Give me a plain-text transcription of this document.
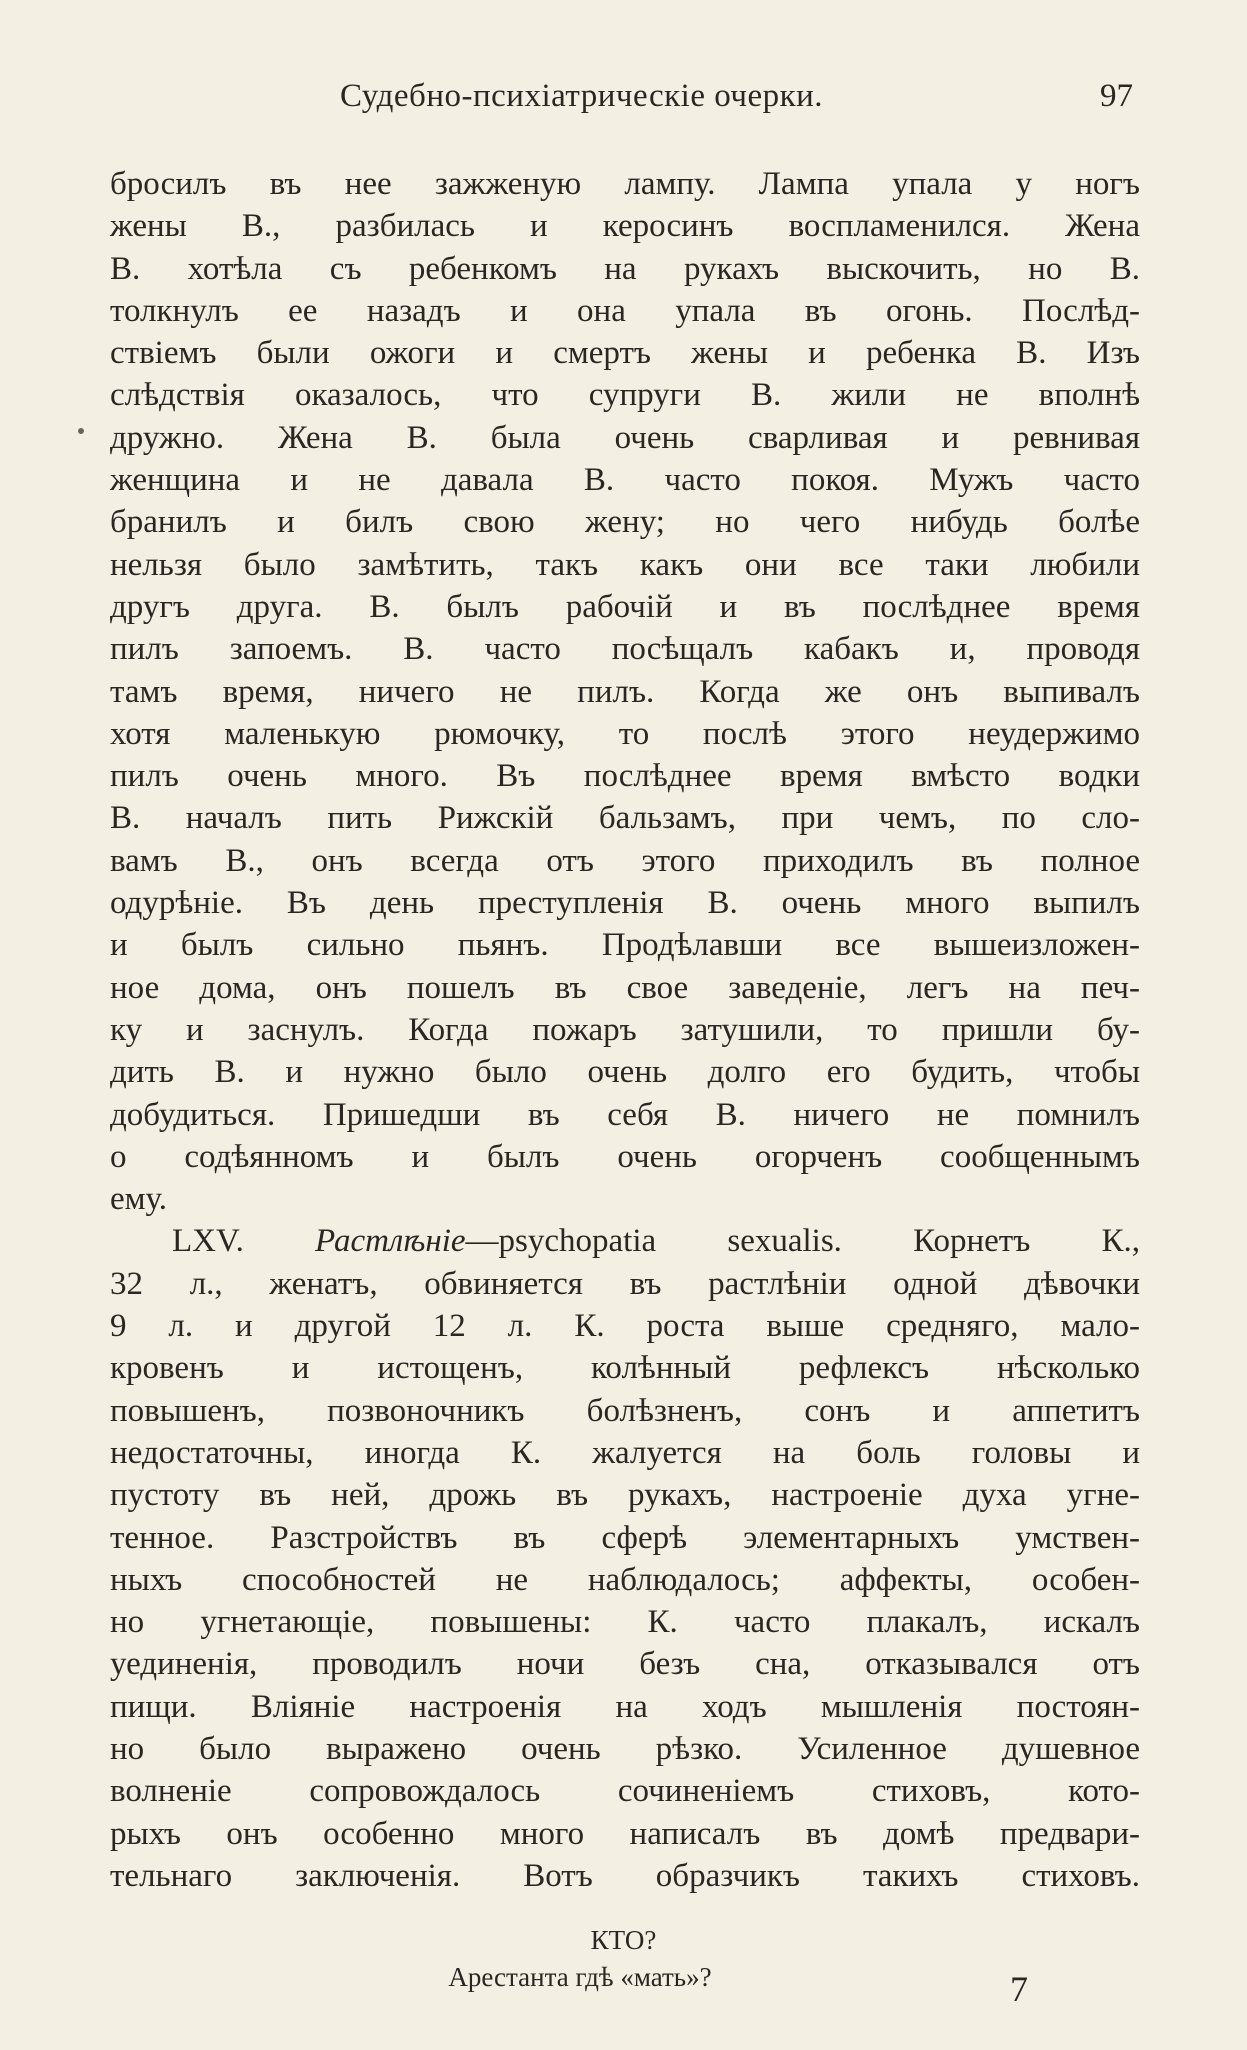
Судебно-психіатрическіе очерки.	97
бросилъ въ нее зажженую лампу. Лампа упала у ногъ
жены В., разбилась и керосинъ воспламенился. Жена
В. хотѣла съ ребенкомъ на рукахъ выскочить, но В.
толкнулъ ее назадъ и она упала въ огонь. Послѣд-
ствіемъ были ожоги и смертъ жены и ребенка В. Изъ
слѣдствія оказалось, что супруги В. жили не вполнѣ
дружно. Жена В. была очень сварливая и ревнивая
женщина и не давала В. часто покоя. Мужъ часто
бранилъ и билъ свою жену; но чего нибудь болѣе
нельзя было замѣтить, такъ какъ они все таки любили
другъ друга. В. былъ рабочій и въ послѣднее время
пилъ запоемъ. В. часто посѣщалъ кабакъ и, проводя
тамъ время, ничего не пилъ. Когда же онъ выпивалъ
хотя маленькую рюмочку, то послѣ этого неудержимо
пилъ очень много. Въ послѣднее время вмѣсто водки
В. началъ пить Рижскій бальзамъ, при чемъ, по сло-
вамъ В., онъ всегда отъ этого приходилъ въ полное
одурѣніе. Въ день преступленія В. очень много выпилъ
и былъ сильно пьянъ. Продѣлавши все вышеизложен-
ное дома, онъ пошелъ въ свое заведеніе, легъ на печ-
ку и заснулъ. Когда пожаръ затушили, то пришли бу-
дить В. и нужно было очень долго его будить, чтобы
добудиться. Пришедши въ себя В. ничего не помнилъ
о содѣянномъ и былъ очень огорченъ сообщеннымъ
ему.
LXV. Растлѣніе—psychopatia sexualis. Корнетъ К.,
32 л., женатъ, обвиняется въ растлѣніи одной дѣвочки
9 л. и другой 12 л. К. роста выше средняго, мало-
кровенъ и истощенъ, колѣнный рефлексъ нѣсколько
повышенъ, позвоночникъ болѣзненъ, сонъ и аппетитъ
недостаточны, иногда К. жалуется на боль головы и
пустоту въ ней, дрожь въ рукахъ, настроеніе духа угне-
тенное. Разстройствъ въ сферѣ элементарныхъ умствен-
ныхъ способностей не наблюдалось; аффекты, особен-
но угнетающіе, повышены: К. часто плакалъ, искалъ
уединенія, проводилъ ночи безъ сна, отказывался отъ
пищи. Вліяніе настроенія на ходъ мышленія постоян-
но было выражено очень рѣзко. Усиленное душевное
волненіе сопровождалось сочиненіемъ стиховъ, кото-
рыхъ онъ особенно много написалъ въ домѣ предвари-
тельнаго заключенія. Вотъ образчикъ такихъ стиховъ.
КТО?
Арестанта гдѣ «мать»?	7
